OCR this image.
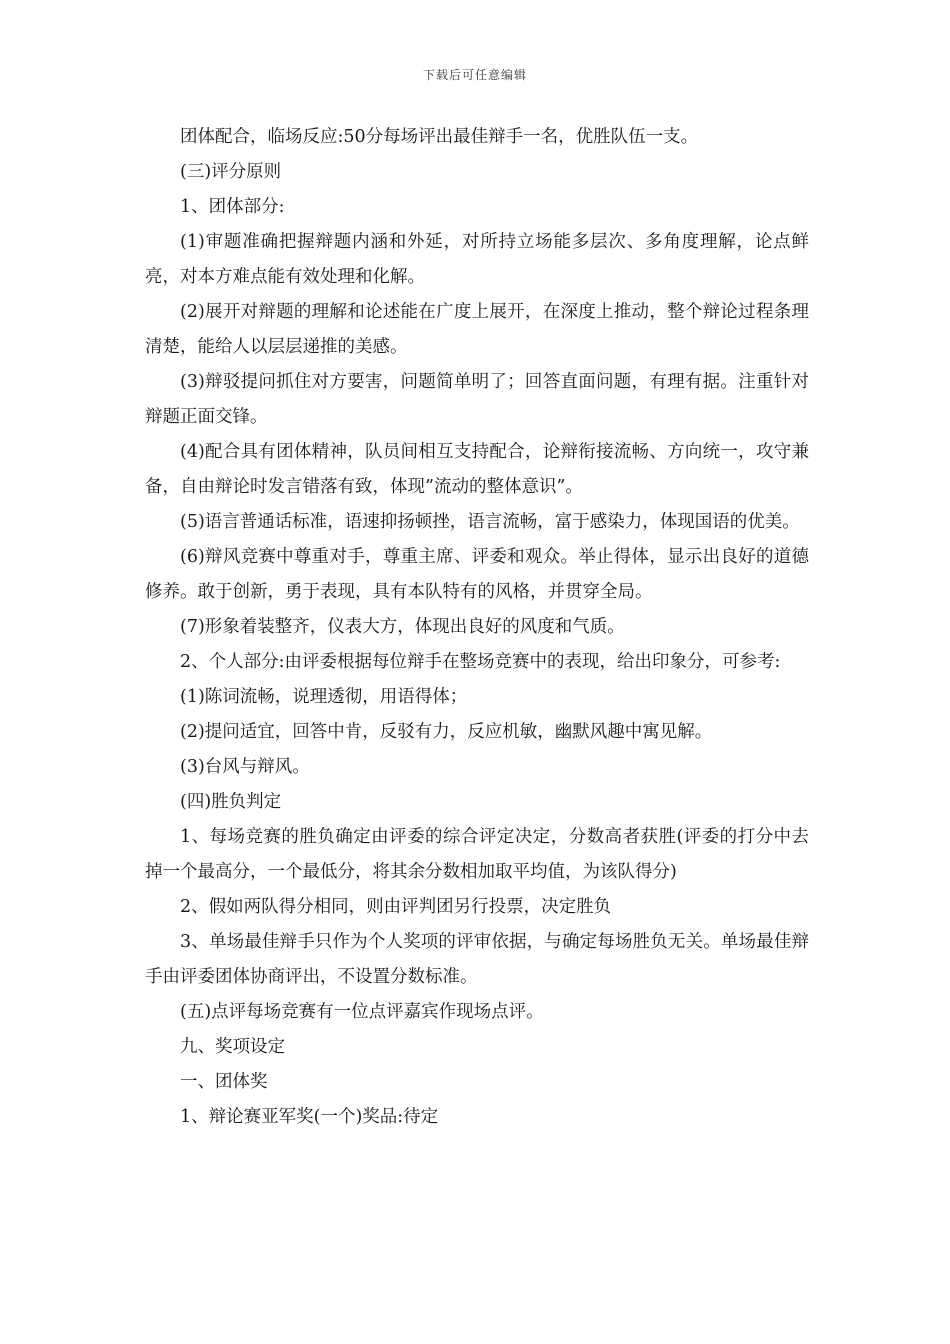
下载后可任意编辑

团体配合，临场反应:50分每场评出最佳辩手一名，优胜队伍一支。

(三)评分原则

1、团体部分:

(1)审题准确把握辩题内涵和外延，对所持立场能多层次、多角度理解，论点鲜亮，对本方难点能有效处理和化解。

(2)展开对辩题的理解和论述能在广度上展开，在深度上推动，整个辩论过程条理清楚，能给人以层层递推的美感。

(3)辩驳提问抓住对方要害，问题简单明了；回答直面问题，有理有据。注重针对辩题正面交锋。

(4)配合具有团体精神，队员间相互支持配合，论辩衔接流畅、方向统一，攻守兼备，自由辩论时发言错落有致，体现”流动的整体意识”。

(5)语言普通话标准，语速抑扬顿挫，语言流畅，富于感染力，体现国语的优美。

(6)辩风竞赛中尊重对手，尊重主席、评委和观众。举止得体，显示出良好的道德修养。敢于创新，勇于表现，具有本队特有的风格，并贯穿全局。

(7)形象着装整齐，仪表大方，体现出良好的风度和气质。

2、个人部分:由评委根据每位辩手在整场竞赛中的表现，给出印象分，可参考:

(1)陈词流畅，说理透彻，用语得体；

(2)提问适宜，回答中肯，反驳有力，反应机敏，幽默风趣中寓见解。

(3)台风与辩风。

(四)胜负判定

1、每场竞赛的胜负确定由评委的综合评定决定，分数高者获胜(评委的打分中去掉一个最高分，一个最低分，将其余分数相加取平均值，为该队得分)

2、假如两队得分相同，则由评判团另行投票，决定胜负

3、单场最佳辩手只作为个人奖项的评审依据，与确定每场胜负无关。单场最佳辩手由评委团体协商评出，不设置分数标准。

(五)点评每场竞赛有一位点评嘉宾作现场点评。

九、奖项设定

一、团体奖

1、辩论赛亚军奖(一个)奖品:待定
